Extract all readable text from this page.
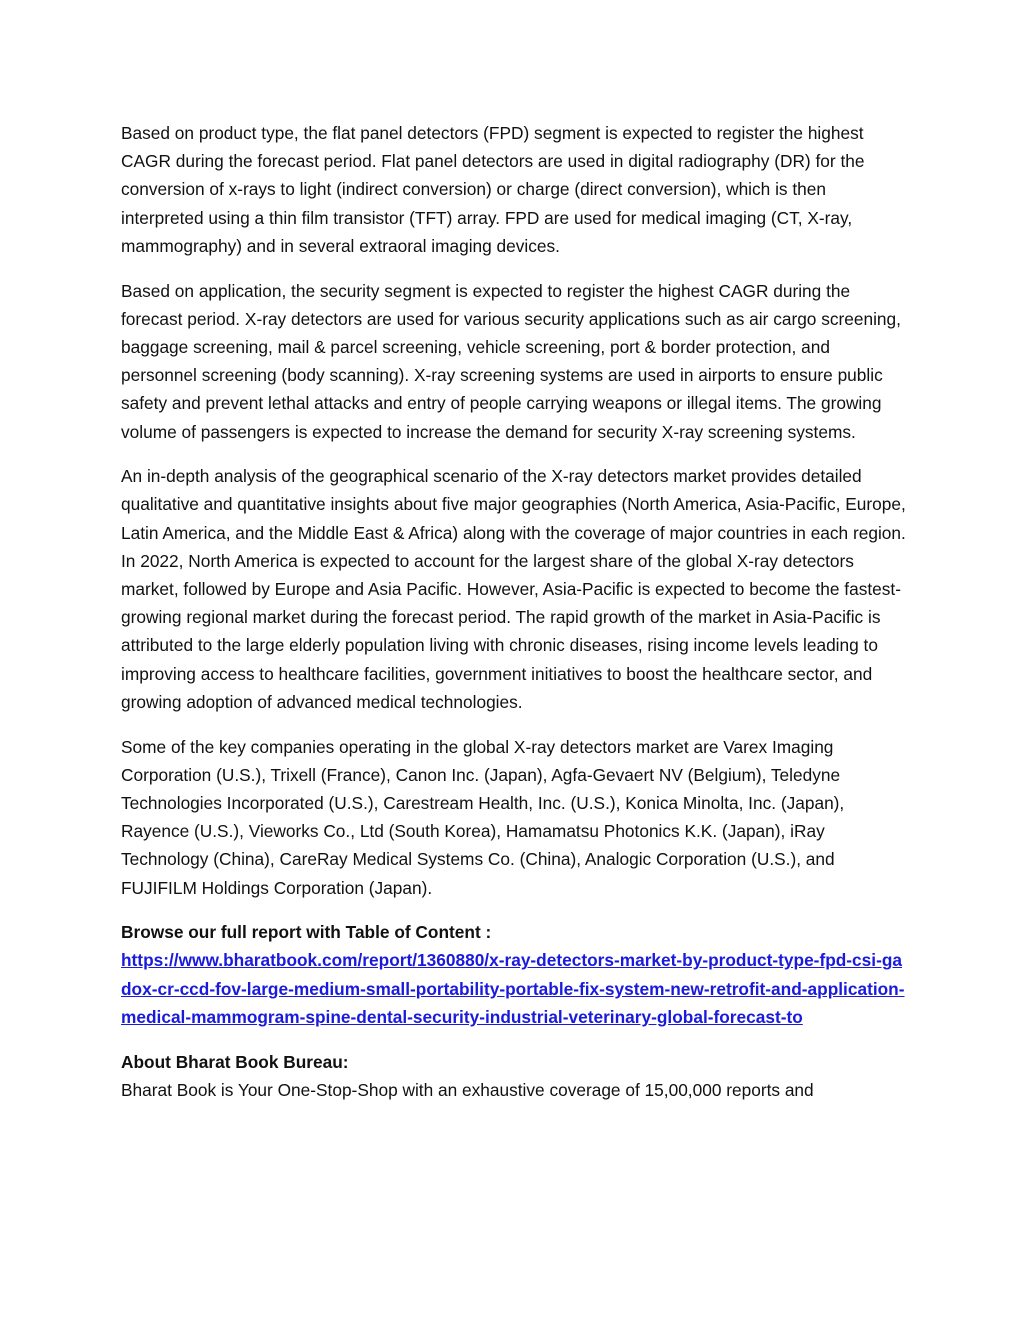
Based on product type, the flat panel detectors (FPD) segment is expected to register the highest CAGR during the forecast period. Flat panel detectors are used in digital radiography (DR) for the conversion of x-rays to light (indirect conversion) or charge (direct conversion), which is then interpreted using a thin film transistor (TFT) array. FPD are used for medical imaging (CT, X-ray, mammography) and in several extraoral imaging devices.

Based on application, the security segment is expected to register the highest CAGR during the forecast period. X-ray detectors are used for various security applications such as air cargo screening, baggage screening, mail & parcel screening, vehicle screening, port & border protection, and personnel screening (body scanning). X-ray screening systems are used in airports to ensure public safety and prevent lethal attacks and entry of people carrying weapons or illegal items. The growing volume of passengers is expected to increase the demand for security X-ray screening systems.

An in-depth analysis of the geographical scenario of the X-ray detectors market provides detailed qualitative and quantitative insights about five major geographies (North America, Asia-Pacific, Europe, Latin America, and the Middle East & Africa) along with the coverage of major countries in each region. In 2022, North America is expected to account for the largest share of the global X-ray detectors market, followed by Europe and Asia Pacific. However, Asia-Pacific is expected to become the fastest-growing regional market during the forecast period. The rapid growth of the market in Asia-Pacific is attributed to the large elderly population living with chronic diseases, rising income levels leading to improving access to healthcare facilities, government initiatives to boost the healthcare sector, and growing adoption of advanced medical technologies.

Some of the key companies operating in the global X-ray detectors market are Varex Imaging Corporation (U.S.), Trixell (France), Canon Inc. (Japan), Agfa-Gevaert NV (Belgium), Teledyne Technologies Incorporated (U.S.), Carestream Health, Inc. (U.S.), Konica Minolta, Inc. (Japan), Rayence (U.S.), Vieworks Co., Ltd (South Korea), Hamamatsu Photonics K.K. (Japan), iRay Technology (China), CareRay Medical Systems Co. (China), Analogic Corporation (U.S.), and FUJIFILM Holdings Corporation (Japan).

Browse our full report with Table of Content :

https://www.bharatbook.com/report/1360880/x-ray-detectors-market-by-product-type-fpd-csi-gadox-cr-ccd-fov-large-medium-small-portability-portable-fix-system-new-retrofit-and-application-medical-mammogram-spine-dental-security-industrial-veterinary-global-forecast-to

About Bharat Book Bureau:

Bharat Book is Your One-Stop-Shop with an exhaustive coverage of 15,00,000 reports and
